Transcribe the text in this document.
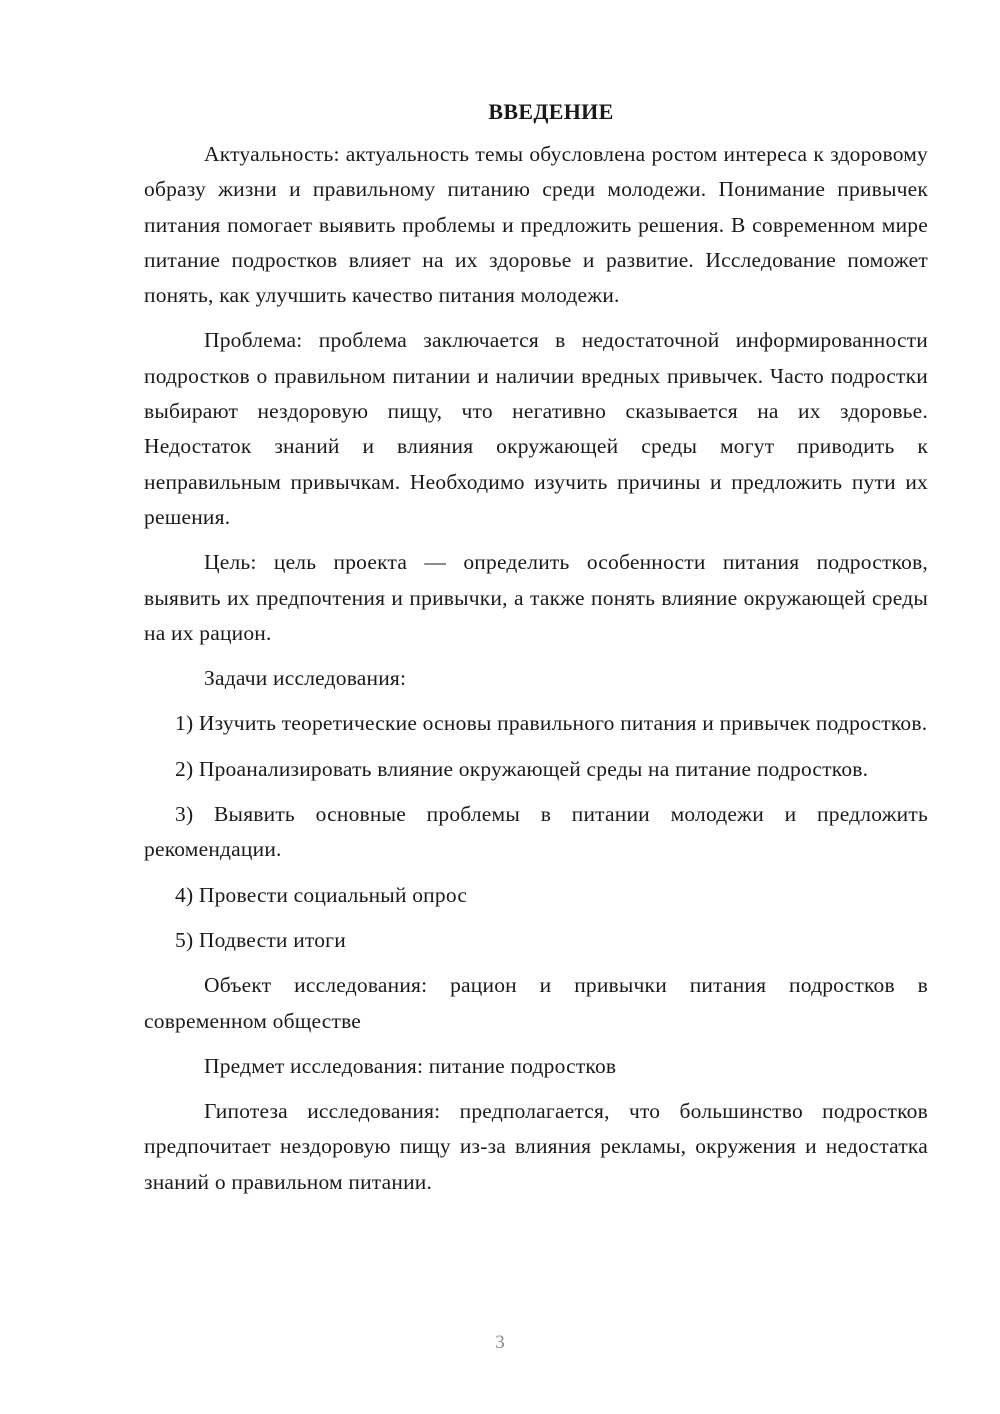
ВВЕДЕНИЕ

Актуальность: актуальность темы обусловлена ростом интереса к здоровому образу жизни и правильному питанию среди молодежи. Понимание привычек питания помогает выявить проблемы и предложить решения. В современном мире питание подростков влияет на их здоровье и развитие. Исследование поможет понять, как улучшить качество питания молодежи.

Проблема: проблема заключается в недостаточной информированности подростков о правильном питании и наличии вредных привычек. Часто подростки выбирают нездоровую пищу, что негативно сказывается на их здоровье. Недостаток знаний и влияния окружающей среды могут приводить к неправильным привычкам. Необходимо изучить причины и предложить пути их решения.

Цель: цель проекта — определить особенности питания подростков, выявить их предпочтения и привычки, а также понять влияние окружающей среды на их рацион.

Задачи исследования:

1) Изучить теоретические основы правильного питания и привычек подростков.

2) Проанализировать влияние окружающей среды на питание подростков.

3) Выявить основные проблемы в питании молодежи и предложить рекомендации.

4) Провести социальный опрос

5) Подвести итоги

Объект исследования: рацион и привычки питания подростков в современном обществе

Предмет исследования: питание подростков

Гипотеза исследования: предполагается, что большинство подростков предпочитает нездоровую пищу из-за влияния рекламы, окружения и недостатка знаний о правильном питании.

3
